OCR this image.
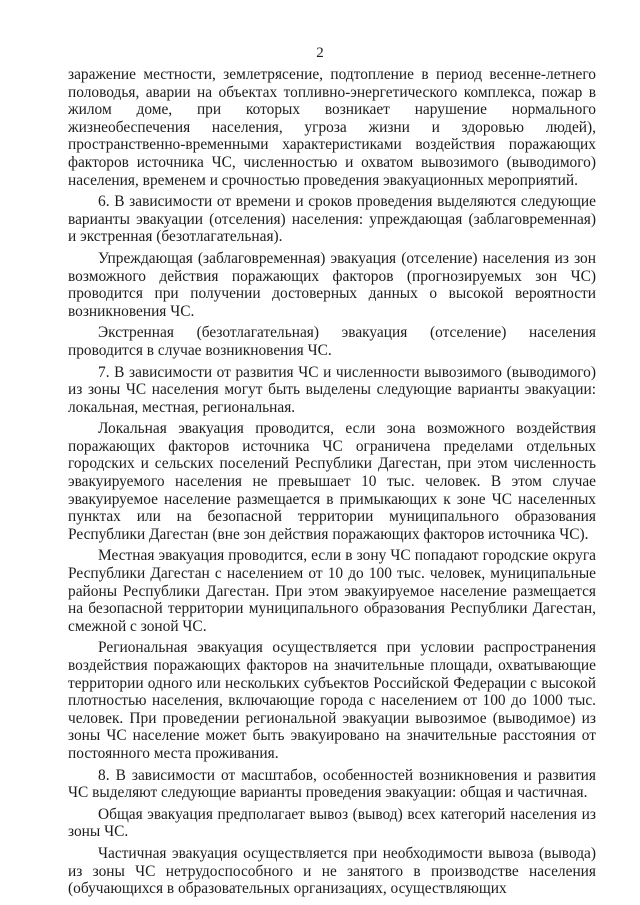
2

заражение местности, землетрясение, подтопление в период весенне-летнего половодья, аварии на объектах топливно-энергетического комплекса, пожар в жилом доме, при которых возникает нарушение нормального жизнеобеспечения населения, угроза жизни и здоровью людей), пространственно-временными характеристиками воздействия поражающих факторов источника ЧС, численностью и охватом вывозимого (выводимого) населения, временем и срочностью проведения эвакуационных мероприятий.

6. В зависимости от времени и сроков проведения выделяются следующие варианты эвакуации (отселения) населения: упреждающая (заблаговременная) и экстренная (безотлагательная).

Упреждающая (заблаговременная) эвакуация (отселение) населения из зон возможного действия поражающих факторов (прогнозируемых зон ЧС) проводится при получении достоверных данных о высокой вероятности возникновения ЧС.

Экстренная (безотлагательная) эвакуация (отселение) населения проводится в случае возникновения ЧС.

7. В зависимости от развития ЧС и численности вывозимого (выводимого) из зоны ЧС населения могут быть выделены следующие варианты эвакуации: локальная, местная, региональная.

Локальная эвакуация проводится, если зона возможного воздействия поражающих факторов источника ЧС ограничена пределами отдельных городских и сельских поселений Республики Дагестан, при этом численность эвакуируемого населения не превышает 10 тыс. человек. В этом случае эвакуируемое население размещается в примыкающих к зоне ЧС населенных пунктах или на безопасной территории муниципального образования Республики Дагестан (вне зон действия поражающих факторов источника ЧС).

Местная эвакуация проводится, если в зону ЧС попадают городские округа Республики Дагестан с населением от 10 до 100 тыс. человек, муниципальные районы Республики Дагестан. При этом эвакуируемое население размещается на безопасной территории муниципального образования Республики Дагестан, смежной с зоной ЧС.

Региональная эвакуация осуществляется при условии распространения воздействия поражающих факторов на значительные площади, охватывающие территории одного или нескольких субъектов Российской Федерации с высокой плотностью населения, включающие города с населением от 100 до 1000 тыс. человек. При проведении региональной эвакуации вывозимое (выводимое) из зоны ЧС население может быть эвакуировано на значительные расстояния от постоянного места проживания.

8. В зависимости от масштабов, особенностей возникновения и развития ЧС выделяют следующие варианты проведения эвакуации: общая и частичная.

Общая эвакуация предполагает вывоз (вывод) всех категорий населения из зоны ЧС.

Частичная эвакуация осуществляется при необходимости вывоза (вывода) из зоны ЧС нетрудоспособного и не занятого в производстве населения (обучающихся в образовательных организациях, осуществляющих
